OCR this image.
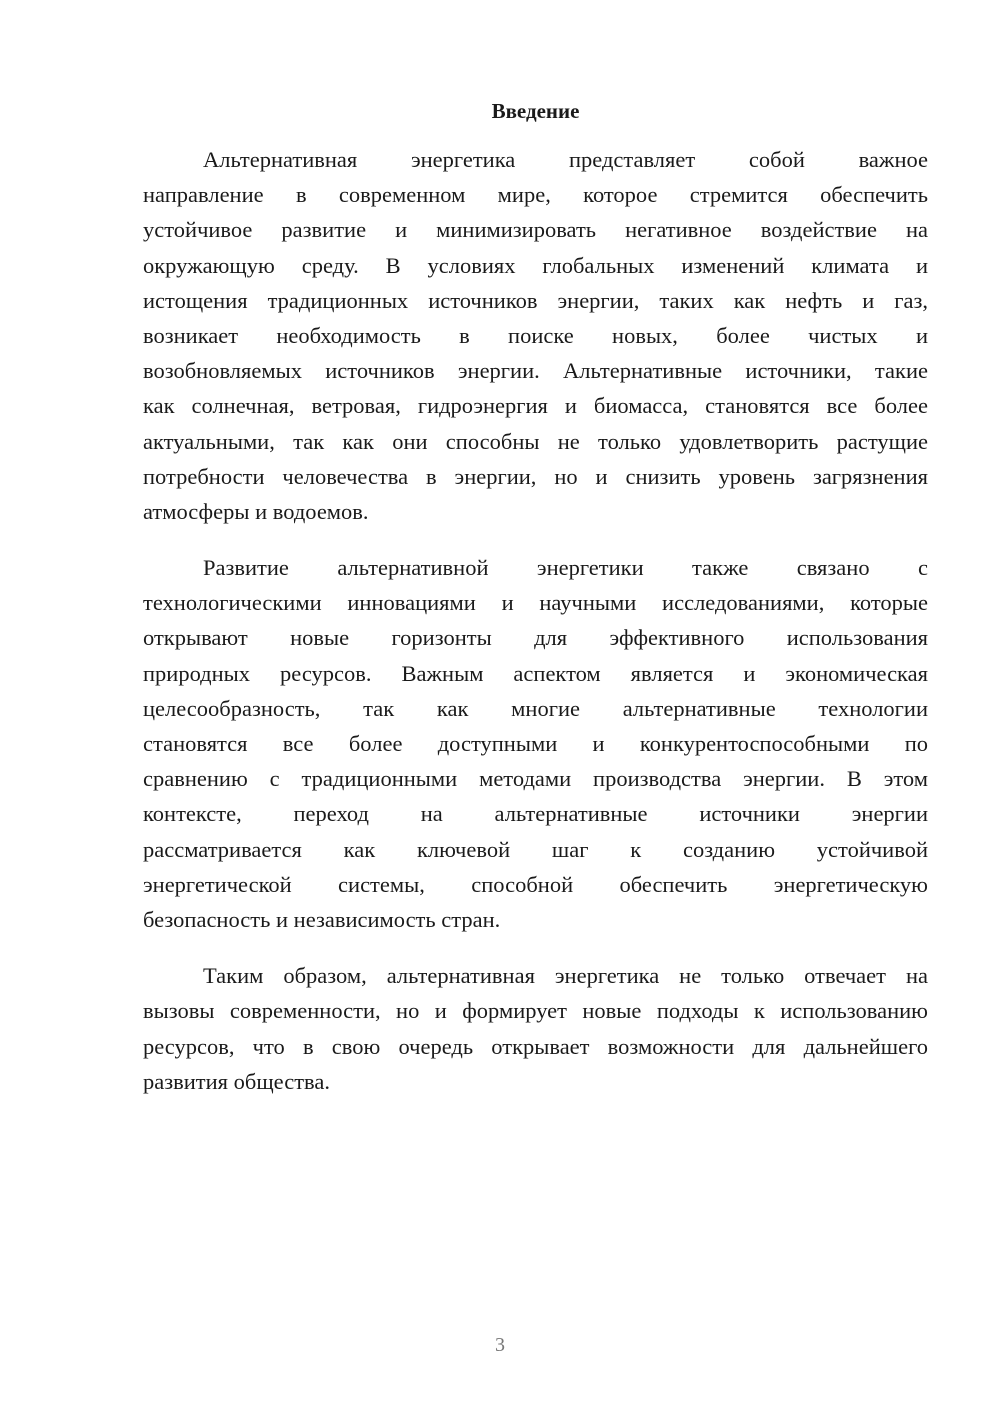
Введение
Альтернативная энергетика представляет собой важное
направление в современном мире, которое стремится обеспечить
устойчивое развитие и минимизировать негативное воздействие на
окружающую среду. В условиях глобальных изменений климата и
истощения традиционных источников энергии, таких как нефть и газ,
возникает необходимость в поиске новых, более чистых и
возобновляемых источников энергии. Альтернативные источники, такие
как солнечная, ветровая, гидроэнергия и биомасса, становятся все более
актуальными, так как они способны не только удовлетворить растущие
потребности человечества в энергии, но и снизить уровень загрязнения
атмосферы и водоемов.
Развитие альтернативной энергетики также связано с
технологическими инновациями и научными исследованиями, которые
открывают новые горизонты для эффективного использования
природных ресурсов. Важным аспектом является и экономическая
целесообразность, так как многие альтернативные технологии
становятся все более доступными и конкурентоспособными по
сравнению с традиционными методами производства энергии. В этом
контексте, переход на альтернативные источники энергии
рассматривается как ключевой шаг к созданию устойчивой
энергетической системы, способной обеспечить энергетическую
безопасность и независимость стран.
Таким образом, альтернативная энергетика не только отвечает на
вызовы современности, но и формирует новые подходы к использованию
ресурсов, что в свою очередь открывает возможности для дальнейшего
развития общества.
3
